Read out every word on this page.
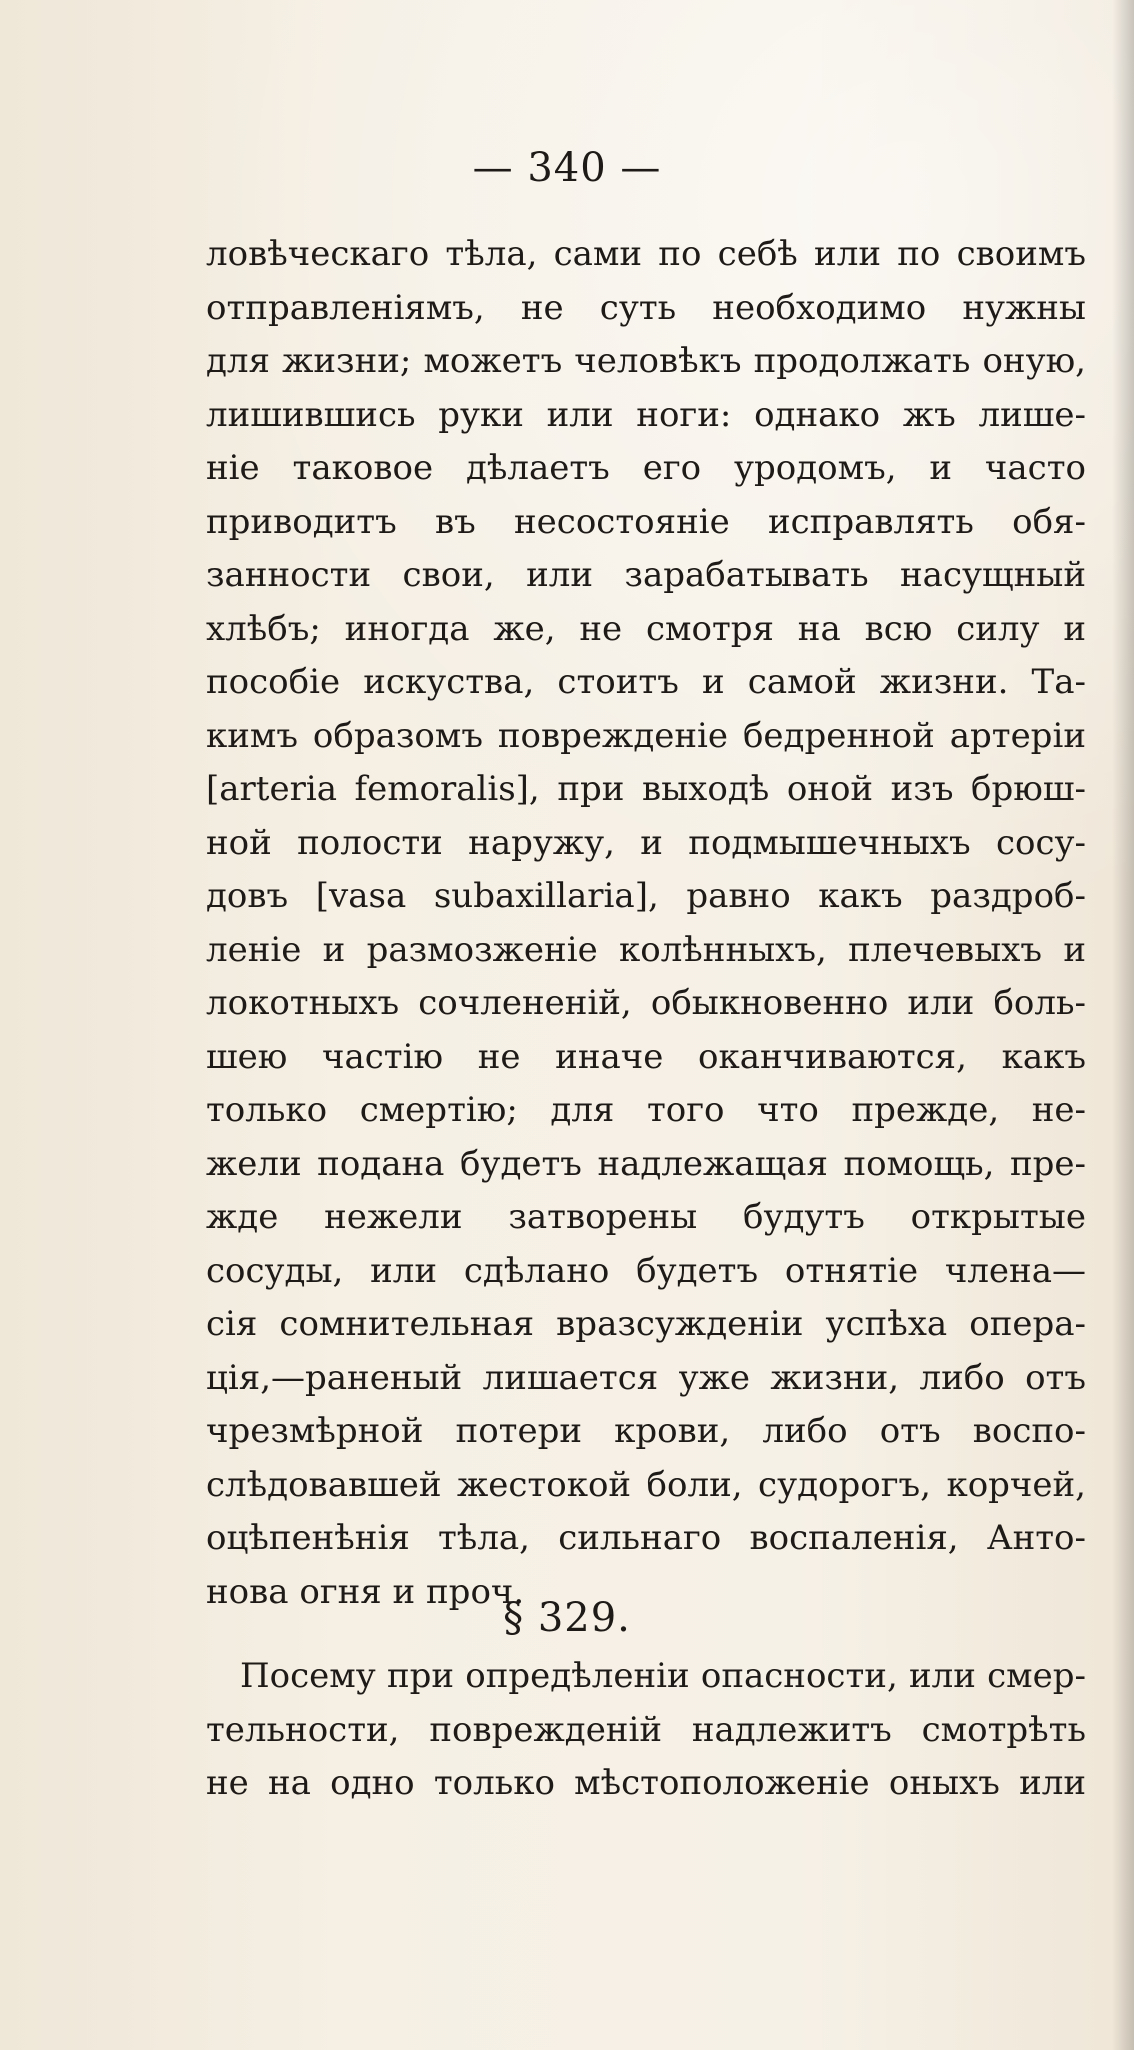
— 340 —
ловѣческаго тѣла, сами по себѣ или по своимъ
отправленiямъ, не суть необходимо нужны
для жизни; можетъ человѣкъ продолжать оную,
лишившись руки или ноги: однако жъ лише-
нiе таковое дѣлаетъ его уродомъ, и часто
приводитъ въ несостоянiе исправлять обя-
занности свои, или зарабатывать насущный
хлѣбъ; иногда же, не смотря на всю силу и
пособiе искуства, стоитъ и самой жизни. Та-
кимъ образомъ поврежденiе бедренной артерiи
[arteria femoralis], при выходѣ оной изъ брюш-
ной полости наружу, и подмышечныхъ сосу-
довъ [vasa subaxillaria], равно какъ раздроб-
ленiе и размозженiе колѣнныхъ, плечевыхъ и
локотныхъ сочлененiй, обыкновенно или боль-
шею частiю не иначе оканчиваются, какъ
только смертiю; для того что прежде, не-
жели подана будетъ надлежащая помощь, пре-
жде нежели затворены будутъ открытые
сосуды, или сдѣлано будетъ отнятiе члена—
сiя сомнительная вразсужденiи успѣха опера-
цiя,—раненый лишается уже жизни, либо отъ
чрезмѣрной потери крови, либо отъ воспо-
слѣдовавшей жестокой боли, судорогъ, корчей,
оцѣпенѣнiя тѣла, сильнаго воспаленiя, Анто-
нова огня и проч.
§ 329.
Посему при опредѣленiи опасности, или смер-
тельности, поврежденiй надлежитъ смотрѣть
не на одно только мѣстоположенiе оныхъ или
